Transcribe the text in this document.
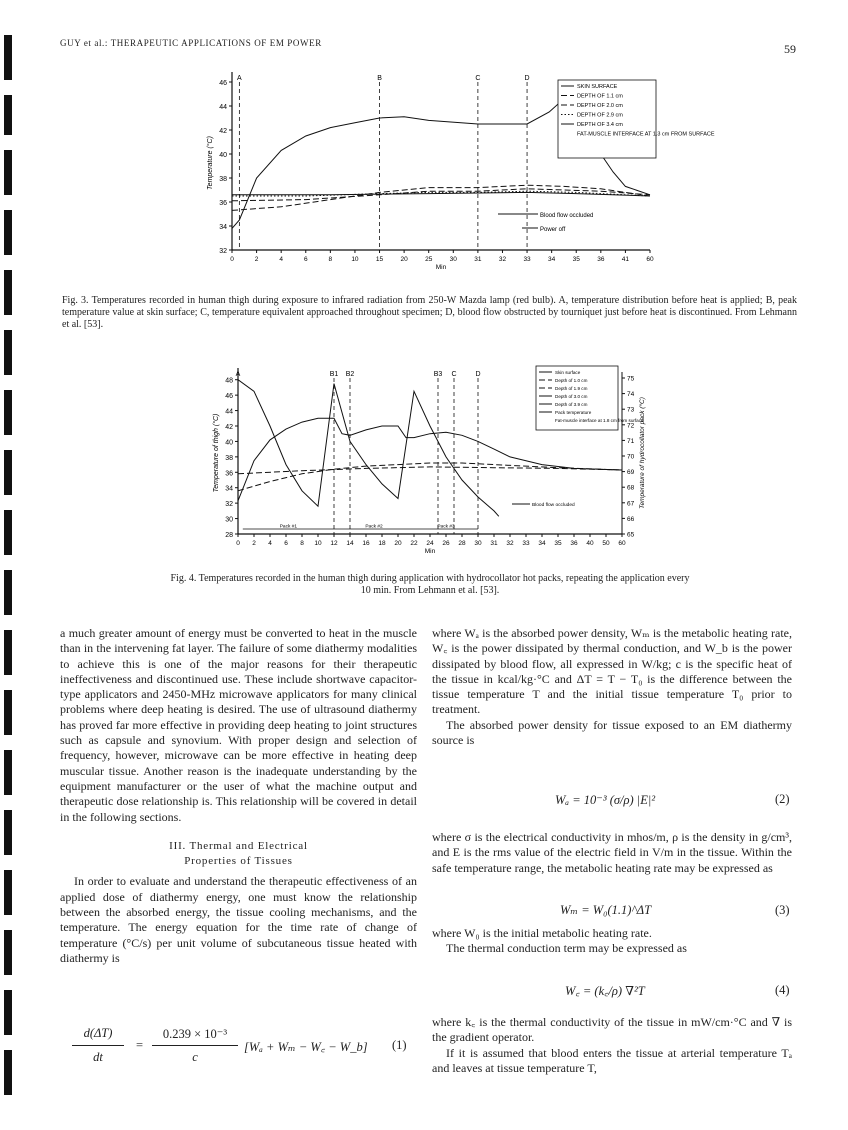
GUY et al.: THERAPEUTIC APPLICATIONS OF EM POWER	59
32
34
36
38
40
42
44
46
0	2	4	6	8	10	15	20	25	30	31	32	33	34	35	36	41	60
Min
Temperature (°C)
A	B	C	D
SKIN SURFACE
DEPTH OF 1.1 cm
DEPTH OF 2.0 cm
DEPTH OF 2.9 cm
DEPTH OF 3.4 cm
FAT-MUSCLE INTERFACE AT 1.3 cm FROM SURFACE
Blood flow occluded
Power off
Fig. 3. Temperatures recorded in human thigh during exposure to infrared radiation from 250-W Mazda lamp (red bulb). A, temperature distribution before heat is applied; B, peak temperature value at skin surface; C, temperature equivalent approached throughout specimen; D, blood flow obstructed by tourniquet just before heat is discontinued. From Lehmann et al. [53].
28
30
32
34
36
38
40
42
44
46
48
0 2 4 6 8 10 12 14 16 18 20 22 24 26 28 30 31 32 33 34 35 36 40 50 60
Min
Temperature of thigh (°C)
A	B1 B2	B3 C	D	Skin surface
Depth of 1.0 cm
Depth of 1.9 cm
Depth of 3.0 cm
Depth of 3.9 cm
Pack temperature
Fat-muscle interface at 1.8 cm from surface
65
66
67
68
69
70
71
72
73
74
75
Temperature of hydrocollator pack (°C)
Pack #1	Pack #2	Pack #3
Blood flow occluded
Fig. 4. Temperatures recorded in the human thigh during application with hydrocollator hot packs, repeating the application every 10 min. From Lehmann et al. [53].

a much greater amount of energy must be converted to heat in the muscle than in the intervening fat layer. The failure of some diathermy modalities to achieve this is one of the major reasons for their therapeutic ineffectiveness and discontinued use. These include shortwave capacitor-type applicators and 2450-MHz microwave applicators for many clinical problems where deep heating is desired. The use of ultrasound diathermy has proved far more effective in providing deep heating to joint structures such as capsule and synovium. With proper design and selection of frequency, however, microwave can be more effective in heating deep muscular tissue. Another reason is the inadequate understanding by the equipment manufacturer or the user of what the machine output and therapeutic dose relationship is. This relationship will be covered in detail in the following sections.

III. Thermal and Electrical
Properties of Tissues

In order to evaluate and understand the therapeutic effectiveness of an applied dose of diathermy energy, one must know the relationship between the absorbed energy, the tissue cooling mechanisms, and the temperature. The energy equation for the time rate of change of temperature (°C/s) per unit volume of subcutaneous tissue heated with diathermy is

d(ΔT)
dt
=
0.239 × 10⁻³
c
[Wₐ + Wₘ − W꜀ − W_b] (1)

where Wₐ is the absorbed power density, Wₘ is the metabolic heating rate, W꜀ is the power dissipated by thermal conduction, and W_b is the power dissipated by blood flow, all expressed in W/kg; c is the specific heat of the tissue in kcal/kg·°C and ΔT = T − T₀ is the difference between the tissue temperature T and the initial tissue temperature T₀ prior to treatment.

The absorbed power density for tissue exposed to an EM diathermy source is

Wₐ = 10⁻³ (σ/ρ) |E|²	(2)

where σ is the electrical conductivity in mhos/m, ρ is the density in g/cm³, and E is the rms value of the electric field in V/m in the tissue. Within the safe temperature range, the metabolic heating rate may be expressed as

Wₘ = W₀(1.1)^ΔT	(3)

where W₀ is the initial metabolic heating rate.

The thermal conduction term may be expressed as

W꜀ = (k꜀/ρ) ∇²T	(4)

where k꜀ is the thermal conductivity of the tissue in mW/cm·°C and ∇ is the gradient operator.

If it is assumed that blood enters the tissue at arterial temperature Tₐ and leaves at tissue temperature T,
